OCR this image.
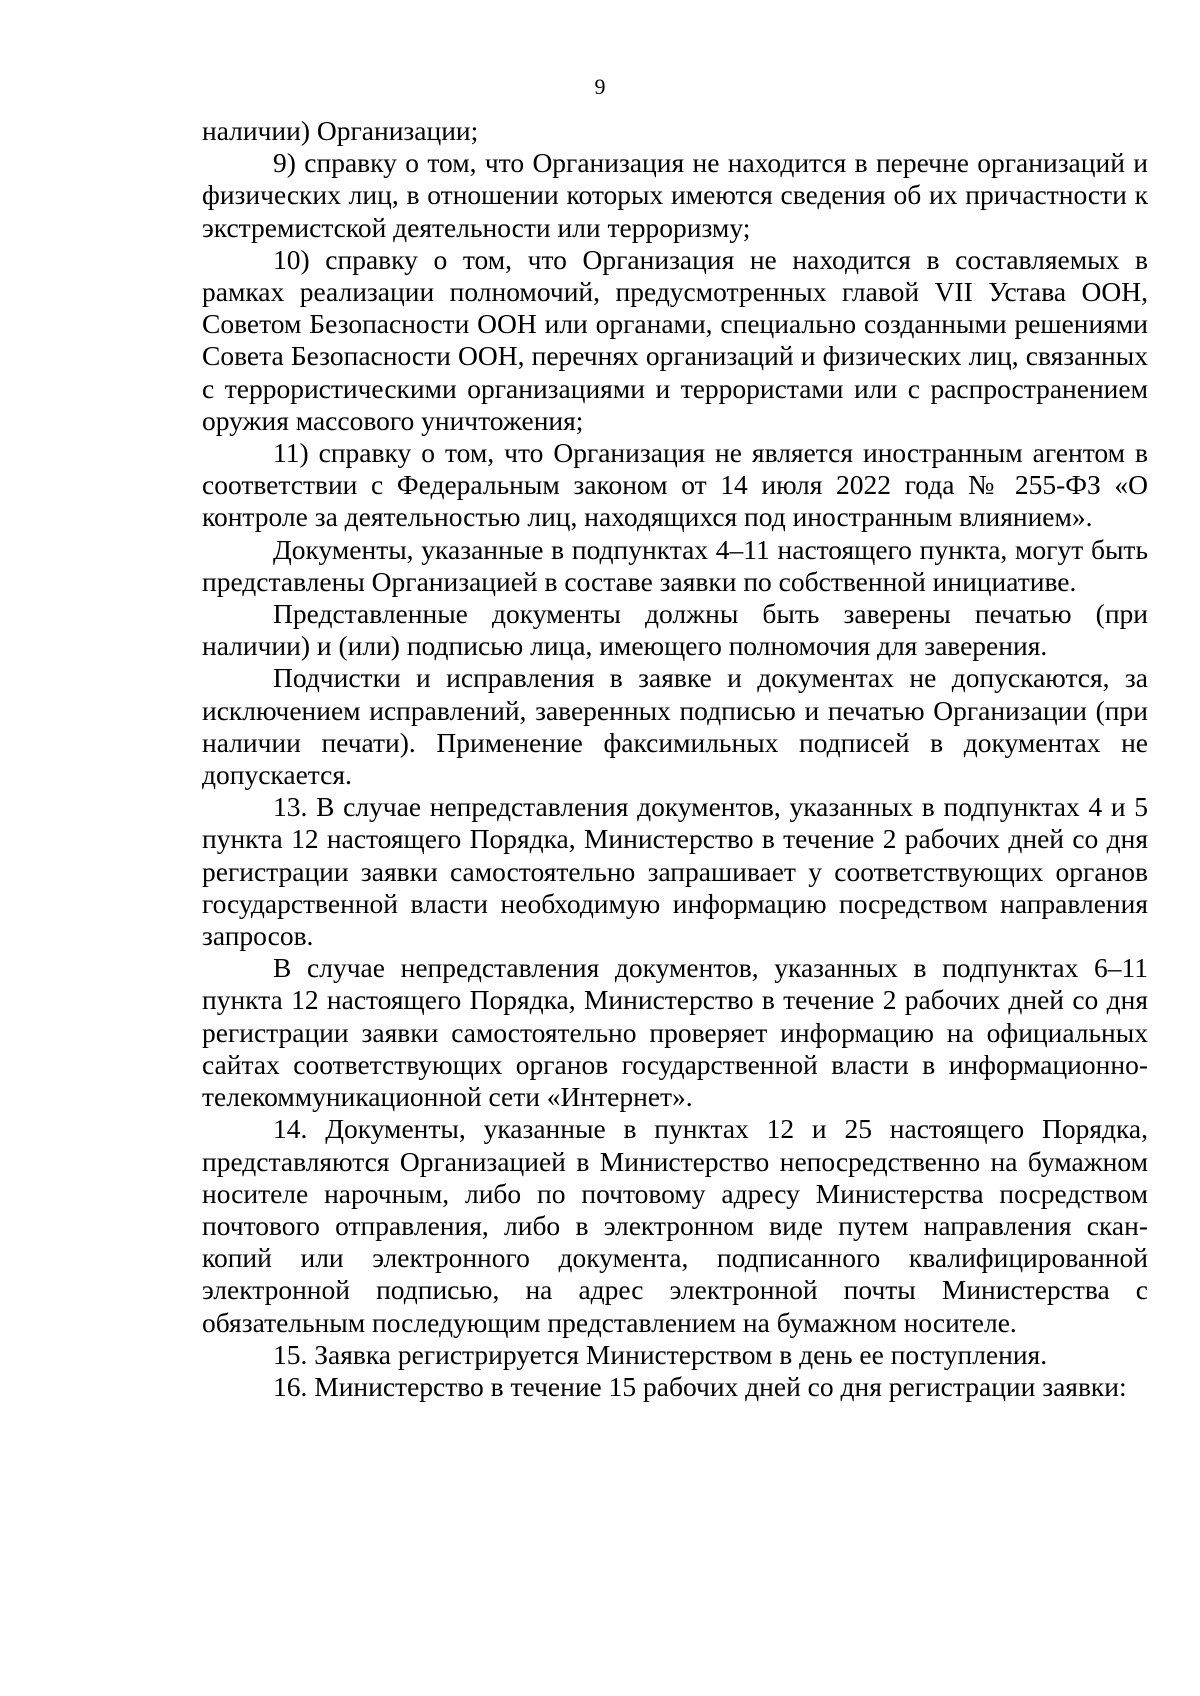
9

наличии) Организации;

9) справку о том, что Организация не находится в перечне организаций и физических лиц, в отношении которых имеются сведения об их причастности к экстремистской деятельности или терроризму;

10) справку о том, что Организация не находится в составляемых в рамках реализации полномочий, предусмотренных главой VII Устава ООН, Советом Безопасности ООН или органами, специально созданными решениями Совета Безопасности ООН, перечнях организаций и физических лиц, связанных с террористическими организациями и террористами или с распространением оружия массового уничтожения;

11) справку о том, что Организация не является иностранным агентом в соответствии с Федеральным законом от 14 июля 2022 года № 255-ФЗ «О контроле за деятельностью лиц, находящихся под иностранным влиянием».

Документы, указанные в подпунктах 4–11 настоящего пункта, могут быть представлены Организацией в составе заявки по собственной инициативе.

Представленные документы должны быть заверены печатью (при наличии) и (или) подписью лица, имеющего полномочия для заверения.

Подчистки и исправления в заявке и документах не допускаются, за исключением исправлений, заверенных подписью и печатью Организации (при наличии печати). Применение факсимильных подписей в документах не допускается.

13. В случае непредставления документов, указанных в подпунктах 4 и 5 пункта 12 настоящего Порядка, Министерство в течение 2 рабочих дней со дня регистрации заявки самостоятельно запрашивает у соответствующих органов государственной власти необходимую информацию посредством направления запросов.

В случае непредставления документов, указанных в подпунктах 6–11 пункта 12 настоящего Порядка, Министерство в течение 2 рабочих дней со дня регистрации заявки самостоятельно проверяет информацию на официальных сайтах соответствующих органов государственной власти в информационно-телекоммуникационной сети «Интернет».

14. Документы, указанные в пунктах 12 и 25 настоящего Порядка, представляются Организацией в Министерство непосредственно на бумажном носителе нарочным, либо по почтовому адресу Министерства посредством почтового отправления, либо в электронном виде путем направления скан-копий или электронного документа, подписанного квалифицированной электронной подписью, на адрес электронной почты Министерства с обязательным последующим представлением на бумажном носителе.

15. Заявка регистрируется Министерством в день ее поступления.

16. Министерство в течение 15 рабочих дней со дня регистрации заявки:
